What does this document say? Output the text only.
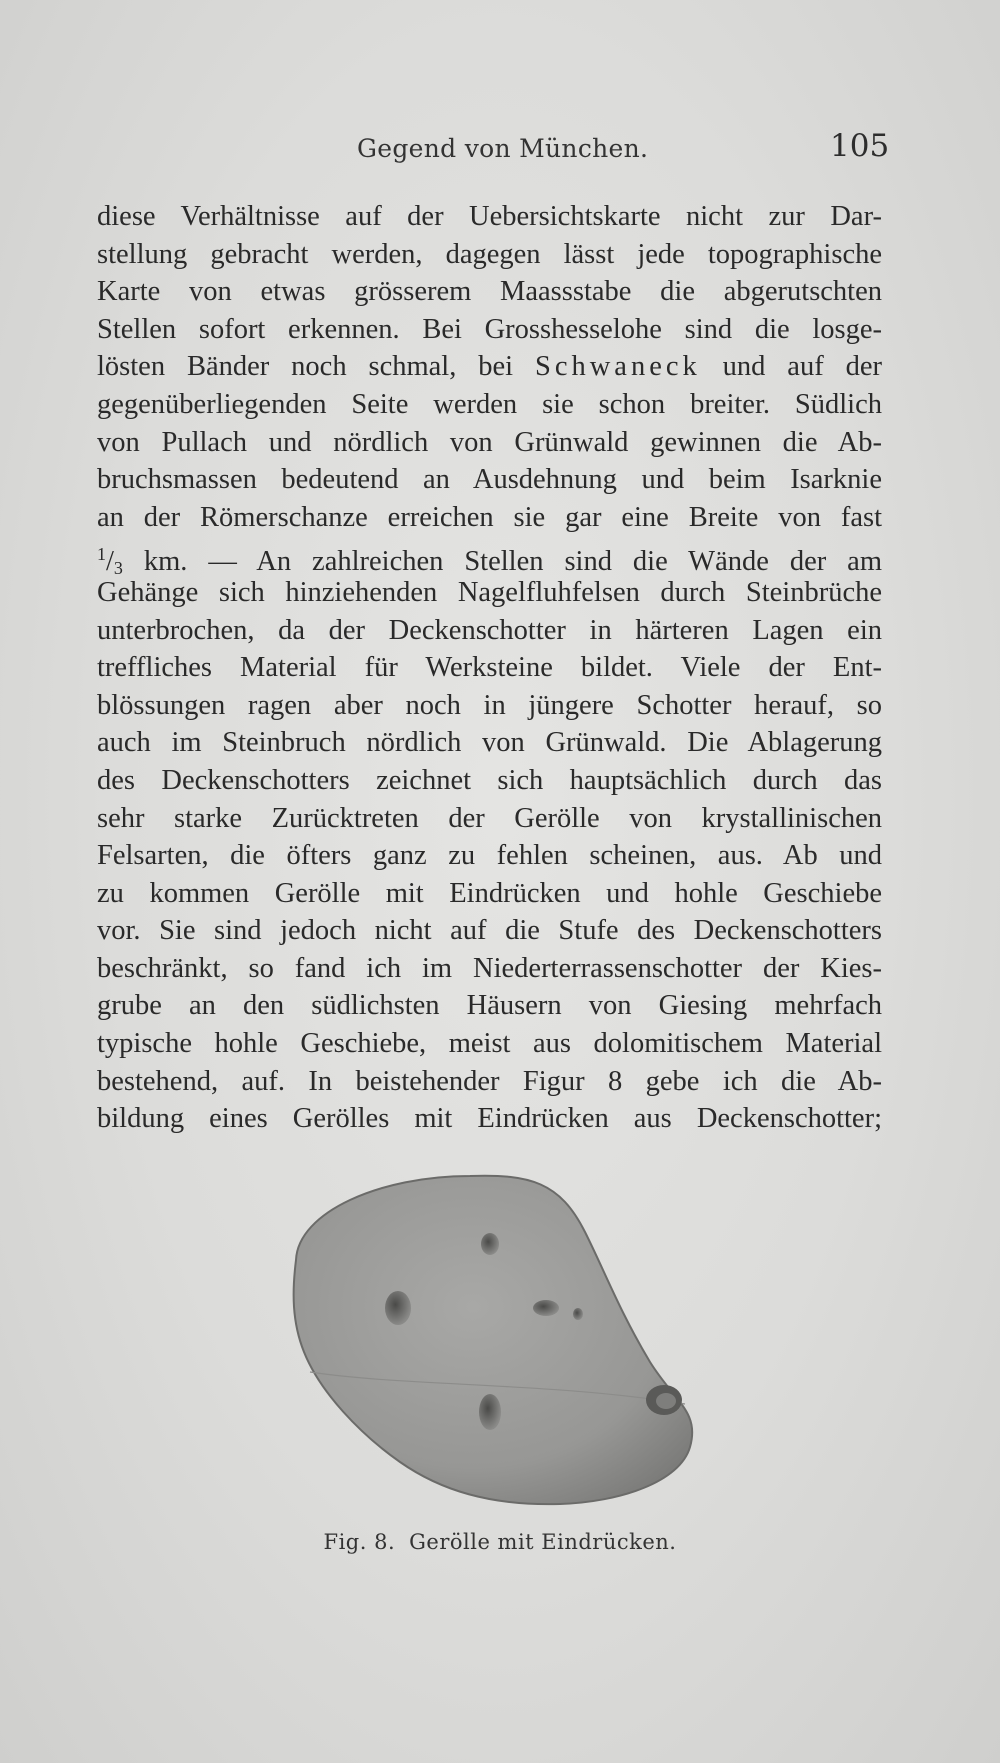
Gegend von München.	105
diese Verhältnisse auf der Uebersichtskarte nicht zur Dar-
stellung gebracht werden, dagegen lässt jede topographische
Karte von etwas grösserem Maassstabe die abgerutschten
Stellen sofort erkennen. Bei Grosshesselohe sind die losge-
lösten Bänder noch schmal, bei Schwaneck und auf der
gegenüberliegenden Seite werden sie schon breiter. Südlich
von Pullach und nördlich von Grünwald gewinnen die Ab-
bruchsmassen bedeutend an Ausdehnung und beim Isarknie
an der Römerschanze erreichen sie gar eine Breite von fast
$^1/_3$ km. — An zahlreichen Stellen sind die Wände der am
Gehänge sich hinziehenden Nagelfluhfelsen durch Steinbrüche
unterbrochen, da der Deckenschotter in härteren Lagen ein
treffliches Material für Werksteine bildet. Viele der Ent-
blössungen ragen aber noch in jüngere Schotter herauf, so
auch im Steinbruch nördlich von Grünwald. Die Ablagerung
des Deckenschotters zeichnet sich hauptsächlich durch das
sehr starke Zurücktreten der Gerölle von krystallinischen
Felsarten, die öfters ganz zu fehlen scheinen, aus. Ab und
zu kommen Gerölle mit Eindrücken und hohle Geschiebe
vor. Sie sind jedoch nicht auf die Stufe des Deckenschotters
beschränkt, so fand ich im Niederterrassenschotter der Kies-
grube an den südlichsten Häusern von Giesing mehrfach
typische hohle Geschiebe, meist aus dolomitischem Material
bestehend, auf. In beistehender Figur 8 gebe ich die Ab-
bildung eines Gerölles mit Eindrücken aus Deckenschotter;
Fig. 8. Gerölle mit Eindrücken.
